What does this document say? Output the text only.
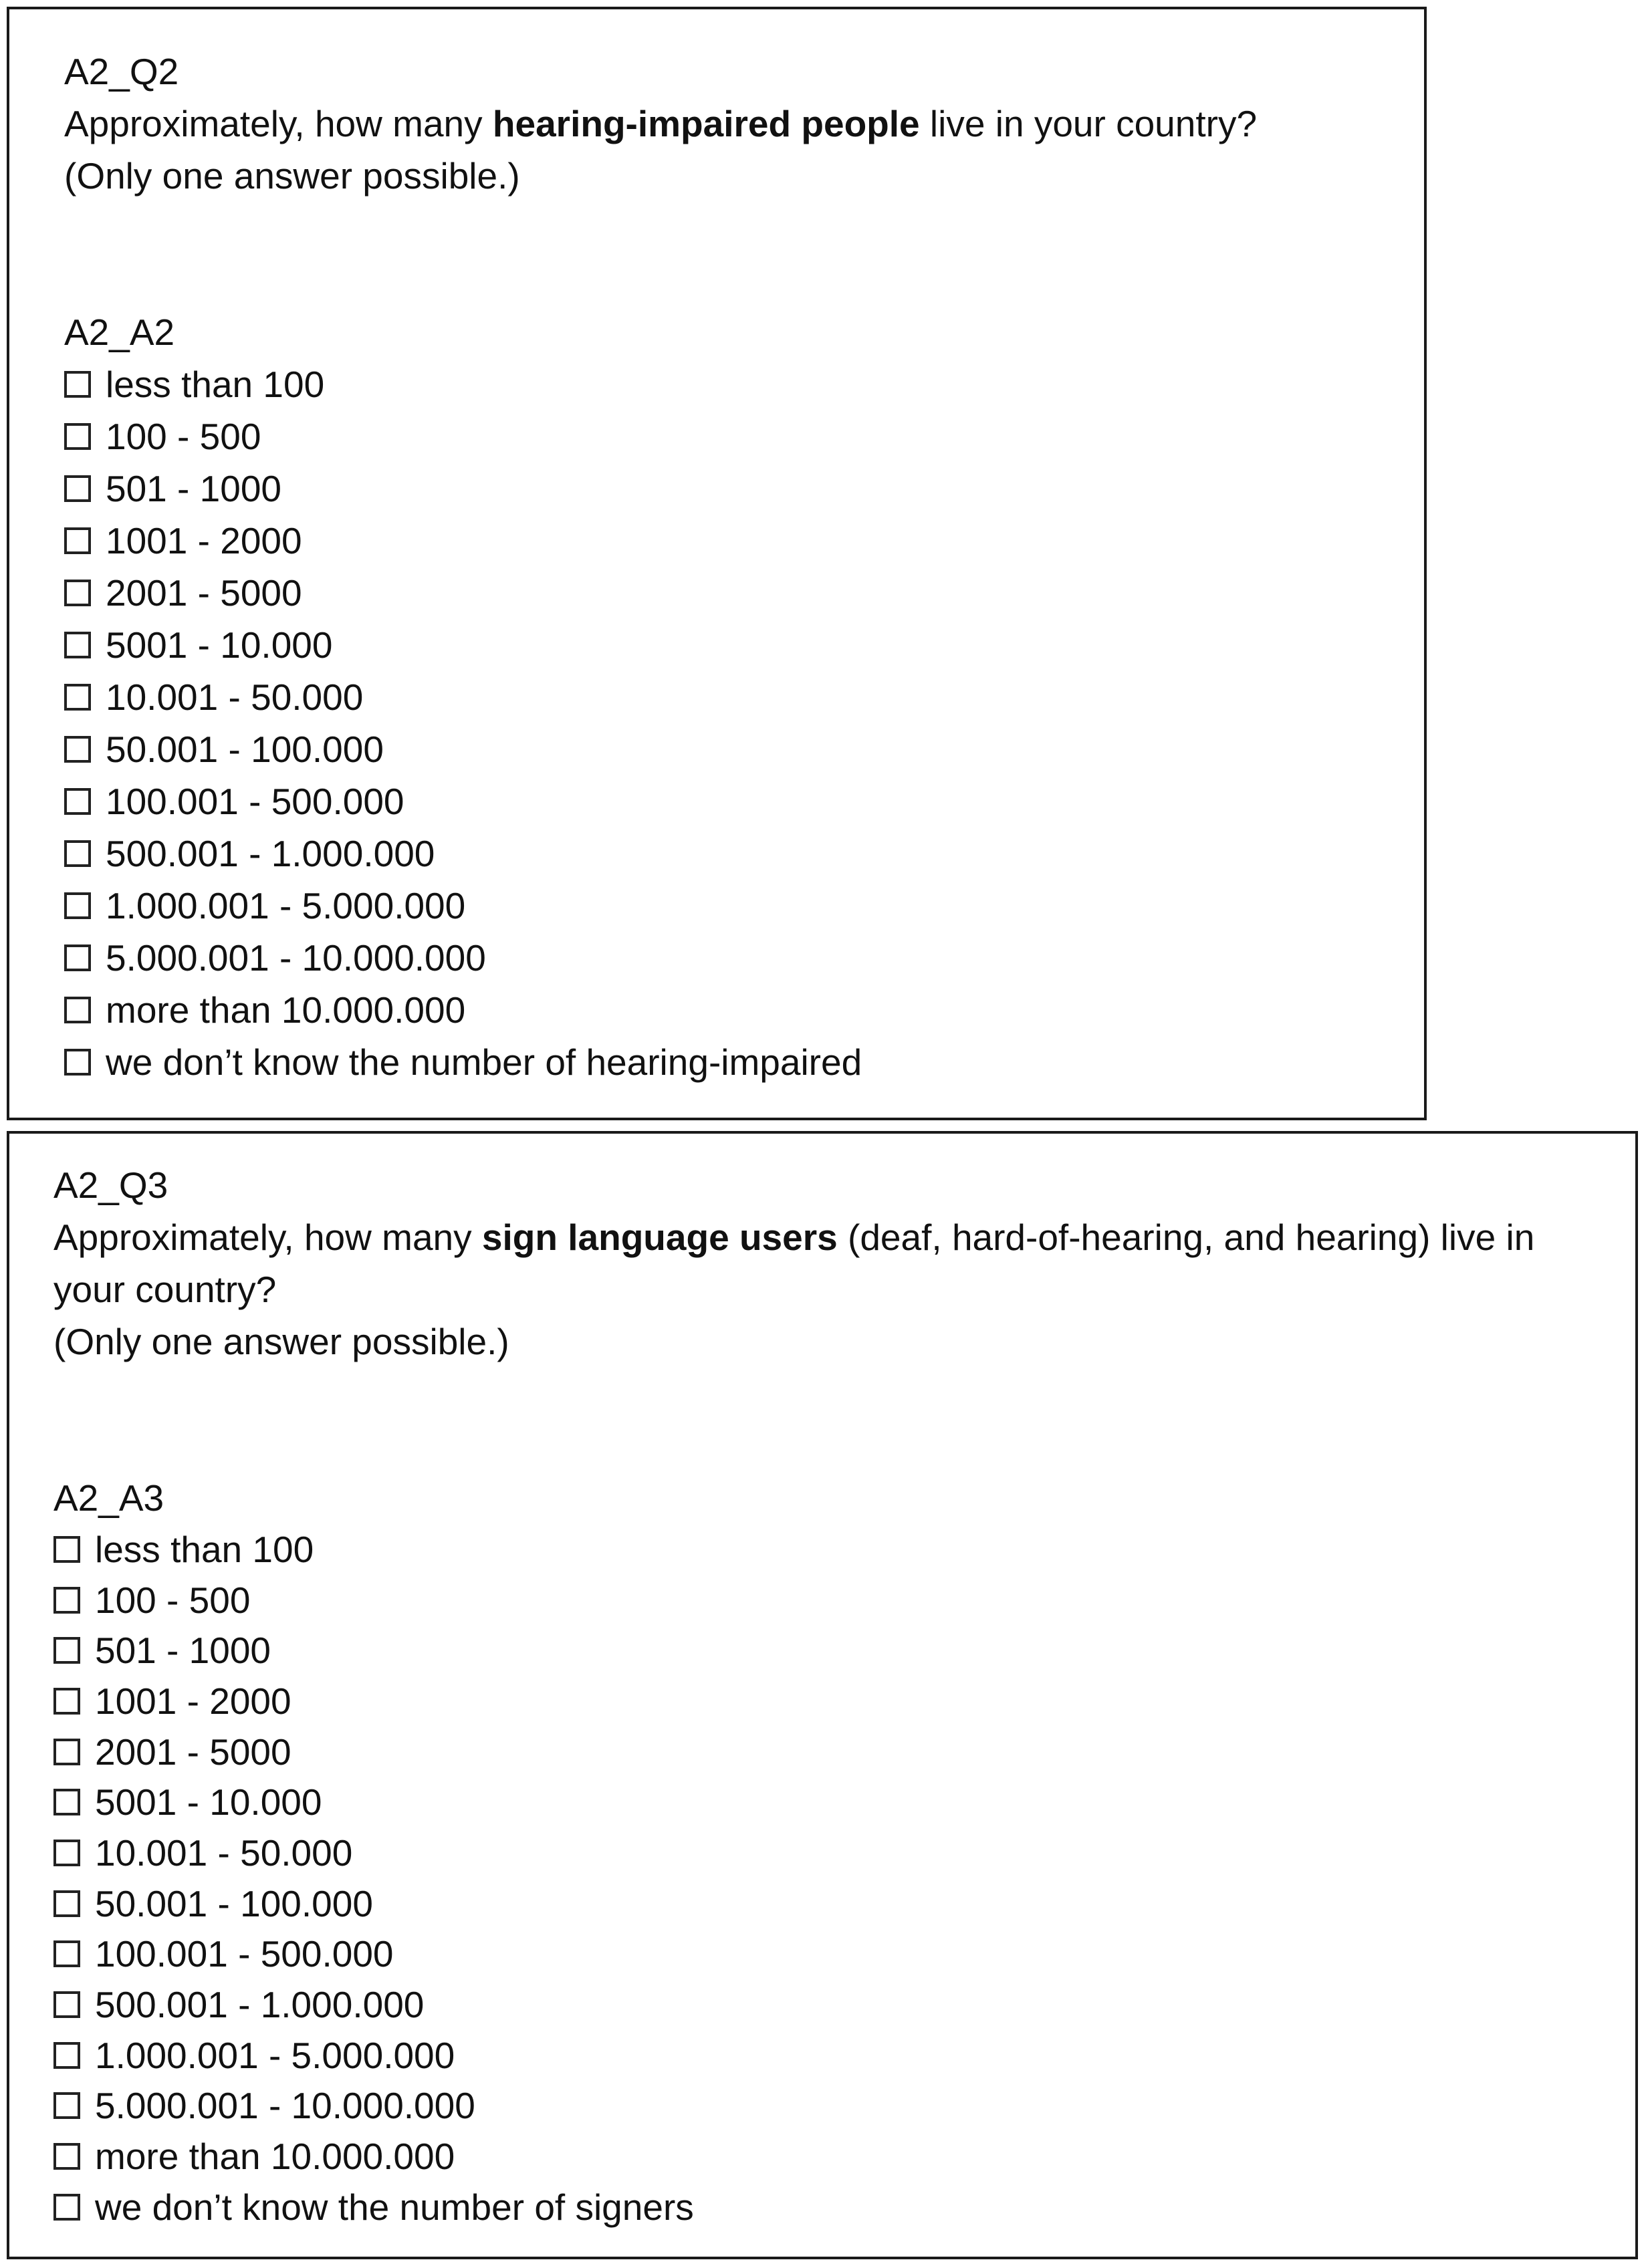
A2_Q2
Approximately, how many hearing-impaired people live in your country?
(Only one answer possible.)
A2_A2
less than 100
100 - 500
501 - 1000
1001 - 2000
2001 - 5000
5001 - 10.000
10.001 - 50.000
50.001 - 100.000
100.001 - 500.000
500.001 - 1.000.000
1.000.001 - 5.000.000
5.000.001 - 10.000.000
more than 10.000.000
we don’t know the number of hearing-impaired
A2_Q3
Approximately, how many sign language users (deaf, hard-of-hearing, and hearing) live in
your country?
(Only one answer possible.)
A2_A3
less than 100
100 - 500
501 - 1000
1001 - 2000
2001 - 5000
5001 - 10.000
10.001 - 50.000
50.001 - 100.000
100.001 - 500.000
500.001 - 1.000.000
1.000.001 - 5.000.000
5.000.001 - 10.000.000
more than 10.000.000
we don’t know the number of signers
